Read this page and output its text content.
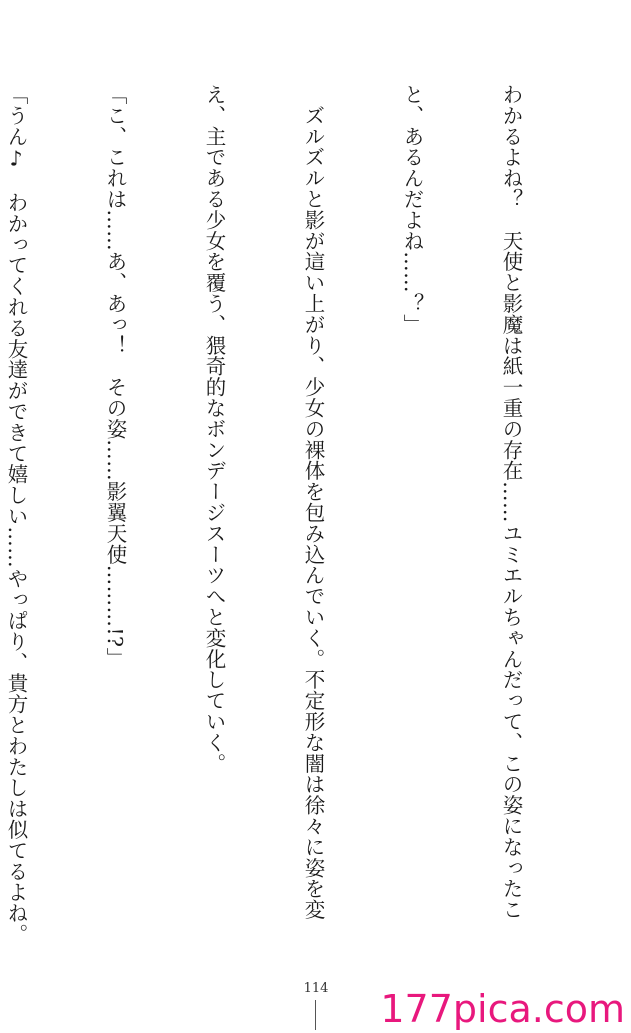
わかるよね？　天使と影魔は紙一重の存在……ユミエルちゃんだって、この姿になったこ

と、あるんだよね……？」

　ズルズルと影が這い上がり、少女の裸体を包み込んでいく。不定形な闇は徐々に姿を変

え、主である少女を覆う、猥奇的なボンデージスーツへと変化していく。

「こ、これは……あ、あっ！　その姿……影翼天使………!?」

「うん♪　わかってくれる友達ができて嬉しい……やっぱり、貴方とわたしは似てるよね。

114 177pica.com
